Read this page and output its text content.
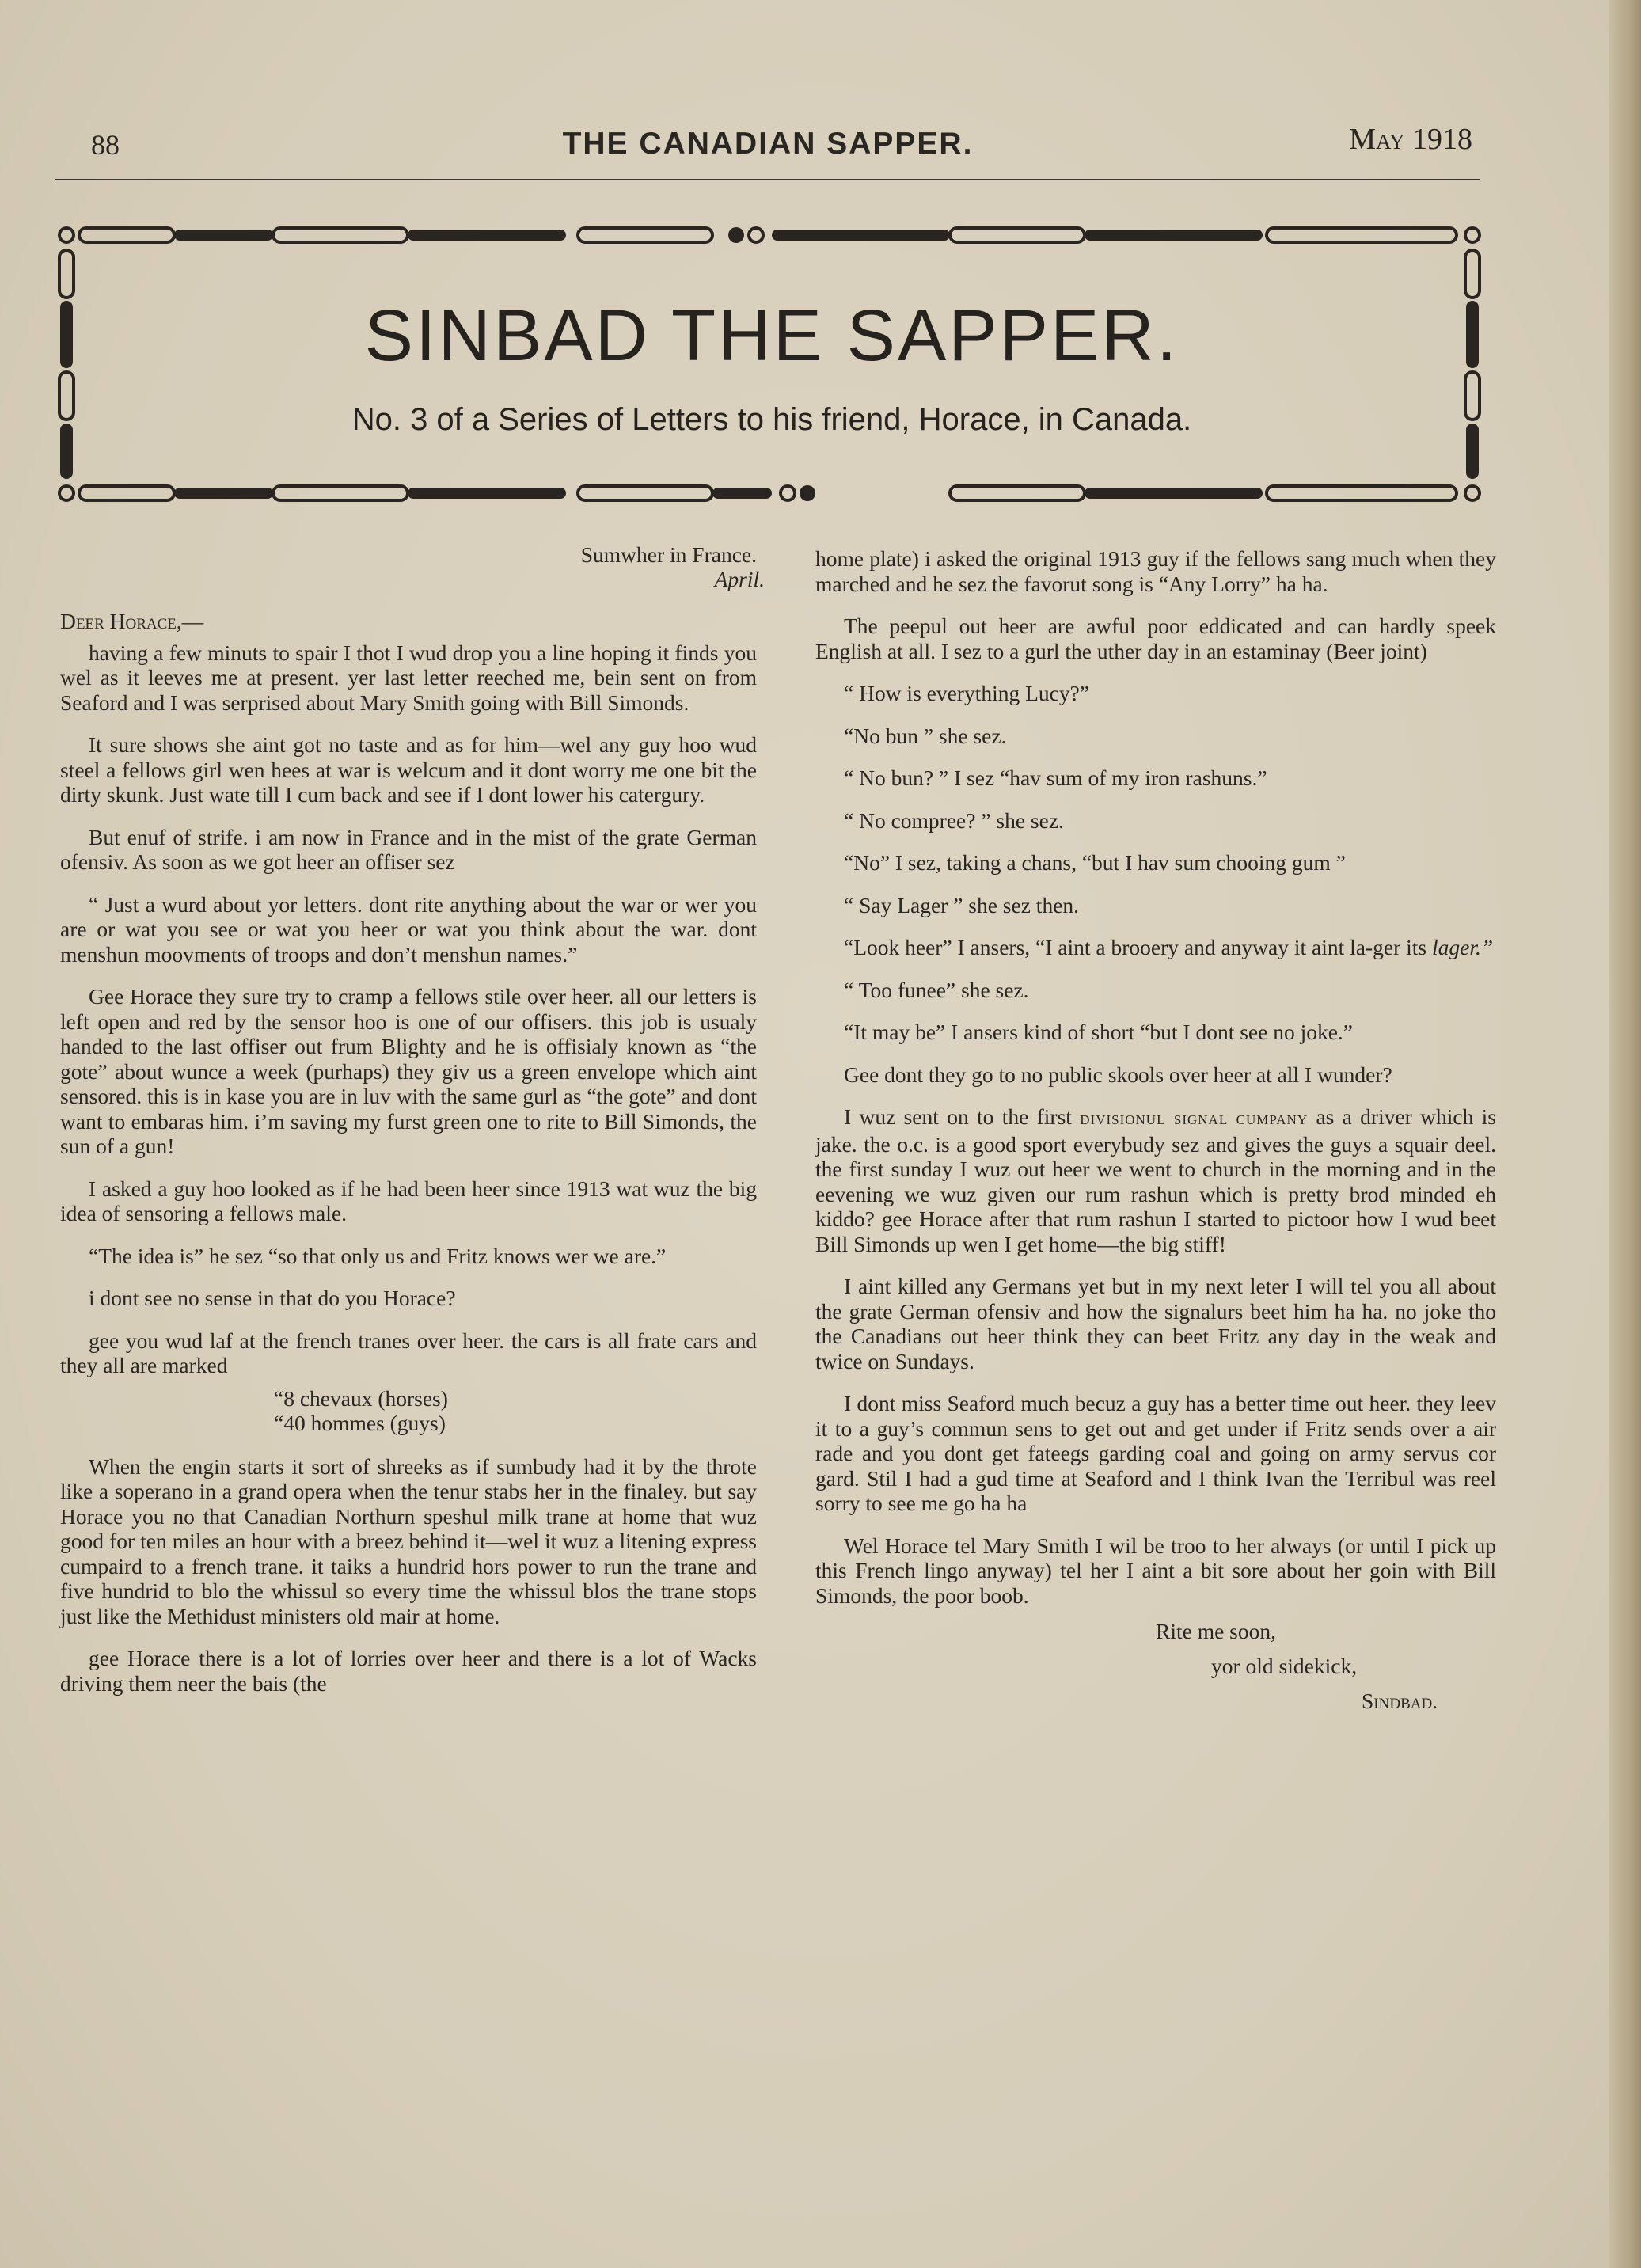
88	THE CANADIAN SAPPER.	May 1918
SINBAD THE SAPPER.
No. 3 of a Series of Letters to his friend, Horace, in Canada.

Sumwher in France.
April.

Deer Horace,—

having a few minuts to spair I thot I wud drop you a line hoping it finds you wel as it leeves me at present. yer last letter reeched me, bein sent on from Seaford and I was serprised about Mary Smith going with Bill Simonds.

It sure shows she aint got no taste and as for him—wel any guy hoo wud steel a fellows girl wen hees at war is welcum and it dont worry me one bit the dirty skunk. Just wate till I cum back and see if I dont lower his catergury.

But enuf of strife. i am now in France and in the mist of the grate German ofensiv. As soon as we got heer an offiser sez

“ Just a wurd about yor letters. dont rite anything about the war or wer you are or wat you see or wat you heer or wat you think about the war. dont menshun moovments of troops and don’t menshun names.”

Gee Horace they sure try to cramp a fellows stile over heer. all our letters is left open and red by the sensor hoo is one of our offisers. this job is usualy handed to the last offiser out frum Blighty and he is offisialy known as “the gote” about wunce a week (purhaps) they giv us a green envelope which aint sensored. this is in kase you are in luv with the same gurl as “the gote” and dont want to embaras him. i’m saving my furst green one to rite to Bill Simonds, the sun of a gun!

I asked a guy hoo looked as if he had been heer since 1913 wat wuz the big idea of sensoring a fellows male.

“The idea is” he sez “so that only us and Fritz knows wer we are.”

i dont see no sense in that do you Horace?

gee you wud laf at the french tranes over heer. the cars is all frate cars and they all are marked

“8 chevaux (horses)
“40 hommes (guys)

When the engin starts it sort of shreeks as if sumbudy had it by the throte like a soperano in a grand opera when the tenur stabs her in the finaley. but say Horace you no that Canadian Northurn speshul milk trane at home that wuz good for ten miles an hour with a breez behind it—wel it wuz a litening express cumpaird to a french trane. it taiks a hundrid hors power to run the trane and five hundrid to blo the whissul so every time the whissul blos the trane stops just like the Methidust ministers old mair at home.

gee Horace there is a lot of lorries over heer and there is a lot of Wacks driving them neer the bais (the

home plate) i asked the original 1913 guy if the fellows sang much when they marched and he sez the favorut song is “Any Lorry” ha ha.

The peepul out heer are awful poor eddicated and can hardly speek English at all. I sez to a gurl the uther day in an estaminay (Beer joint)

“ How is everything Lucy?”

“No bun ” she sez.

“ No bun? ” I sez “hav sum of my iron rashuns.”

“ No compree? ” she sez.

“No” I sez, taking a chans, “but I hav sum chooing gum ”

“ Say Lager ” she sez then.

“Look heer” I ansers, “I aint a brooery and anyway it aint la-ger its lager.”

“ Too funee” she sez.

“It may be” I ansers kind of short “but I dont see no joke.”

Gee dont they go to no public skools over heer at all I wunder?

I wuz sent on to the first divisionul signal cumpany as a driver which is jake. the o.c. is a good sport everybudy sez and gives the guys a squair deel. the first sunday I wuz out heer we went to church in the morning and in the eevening we wuz given our rum rashun which is pretty brod minded eh kiddo? gee Horace after that rum rashun I started to pictoor how I wud beet Bill Simonds up wen I get home—the big stiff!

I aint killed any Germans yet but in my next leter I will tel you all about the grate German ofensiv and how the signalurs beet him ha ha. no joke tho the Canadians out heer think they can beet Fritz any day in the weak and twice on Sundays.

I dont miss Seaford much becuz a guy has a better time out heer. they leev it to a guy’s commun sens to get out and get under if Fritz sends over a air rade and you dont get fateegs garding coal and going on army servus cor gard. Stil I had a gud time at Seaford and I think Ivan the Terribul was reel sorry to see me go ha ha

Wel Horace tel Mary Smith I wil be troo to her always (or until I pick up this French lingo anyway) tel her I aint a bit sore about her goin with Bill Simonds, the poor boob.

Rite me soon,
yor old sidekick,
Sindbad.
